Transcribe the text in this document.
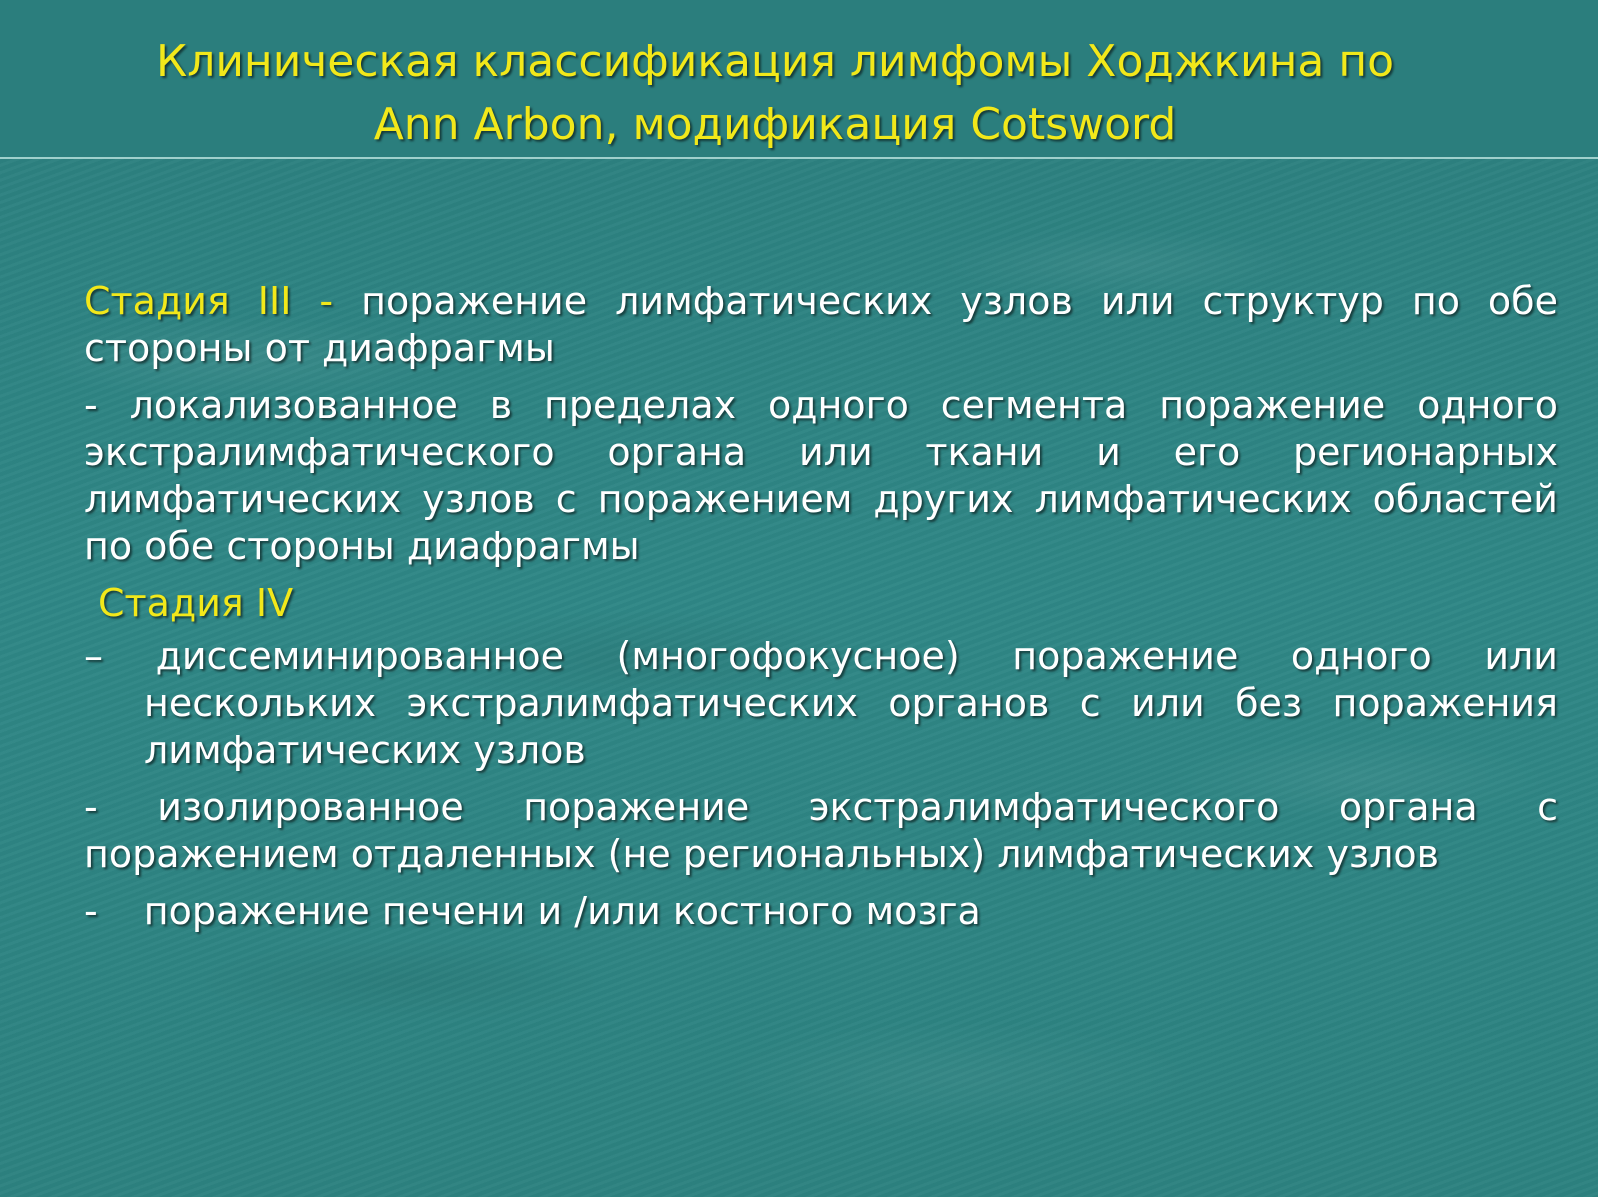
Клиническая классификация лимфомы Ходжкина по
Ann Arbon, модификация Cotsword

Стадия III - поражение лимфатических узлов или структур по обе стороны от диафрагмы

- локализованное в пределах одного сегмента поражение одного экстралимфатического органа или ткани и его регионарных лимфатических узлов с поражением других лимфатических областей по обе стороны диафрагмы

Стадия IV

– диссеминированное (многофокусное) поражение одного или нескольких экстралимфатических органов с или без поражения лимфатических узлов

- изолированное поражение экстралимфатического органа с поражением отдаленных (не региональных) лимфатических узлов

- поражение печени и /или костного мозга
